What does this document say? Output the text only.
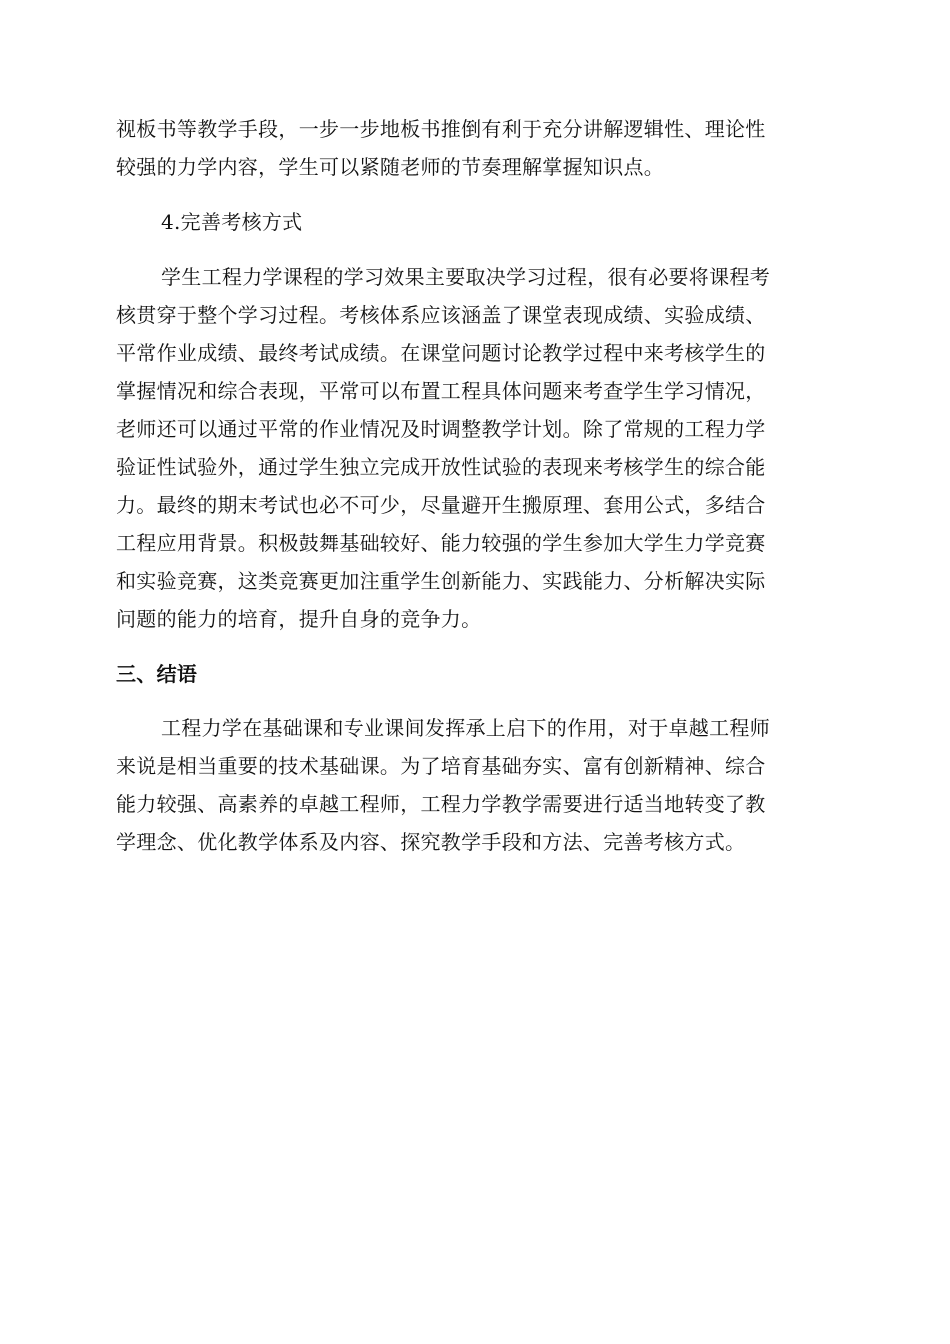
视板书等教学手段，一步一步地板书推倒有利于充分讲解逻辑性、理论性
较强的力学内容，学生可以紧随老师的节奏理解掌握知识点。
4.完善考核方式
学生工程力学课程的学习效果主要取决学习过程，很有必要将课程考
核贯穿于整个学习过程。考核体系应该涵盖了课堂表现成绩、实验成绩、
平常作业成绩、最终考试成绩。在课堂问题讨论教学过程中来考核学生的
掌握情况和综合表现，平常可以布置工程具体问题来考查学生学习情况，
老师还可以通过平常的作业情况及时调整教学计划。除了常规的工程力学
验证性试验外，通过学生独立完成开放性试验的表现来考核学生的综合能
力。最终的期末考试也必不可少，尽量避开生搬原理、套用公式，多结合
工程应用背景。积极鼓舞基础较好、能力较强的学生参加大学生力学竞赛
和实验竞赛，这类竞赛更加注重学生创新能力、实践能力、分析解决实际
问题的能力的培育，提升自身的竞争力。
三、结语
工程力学在基础课和专业课间发挥承上启下的作用，对于卓越工程师
来说是相当重要的技术基础课。为了培育基础夯实、富有创新精神、综合
能力较强、高素养的卓越工程师，工程力学教学需要进行适当地转变了教
学理念、优化教学体系及内容、探究教学手段和方法、完善考核方式。
